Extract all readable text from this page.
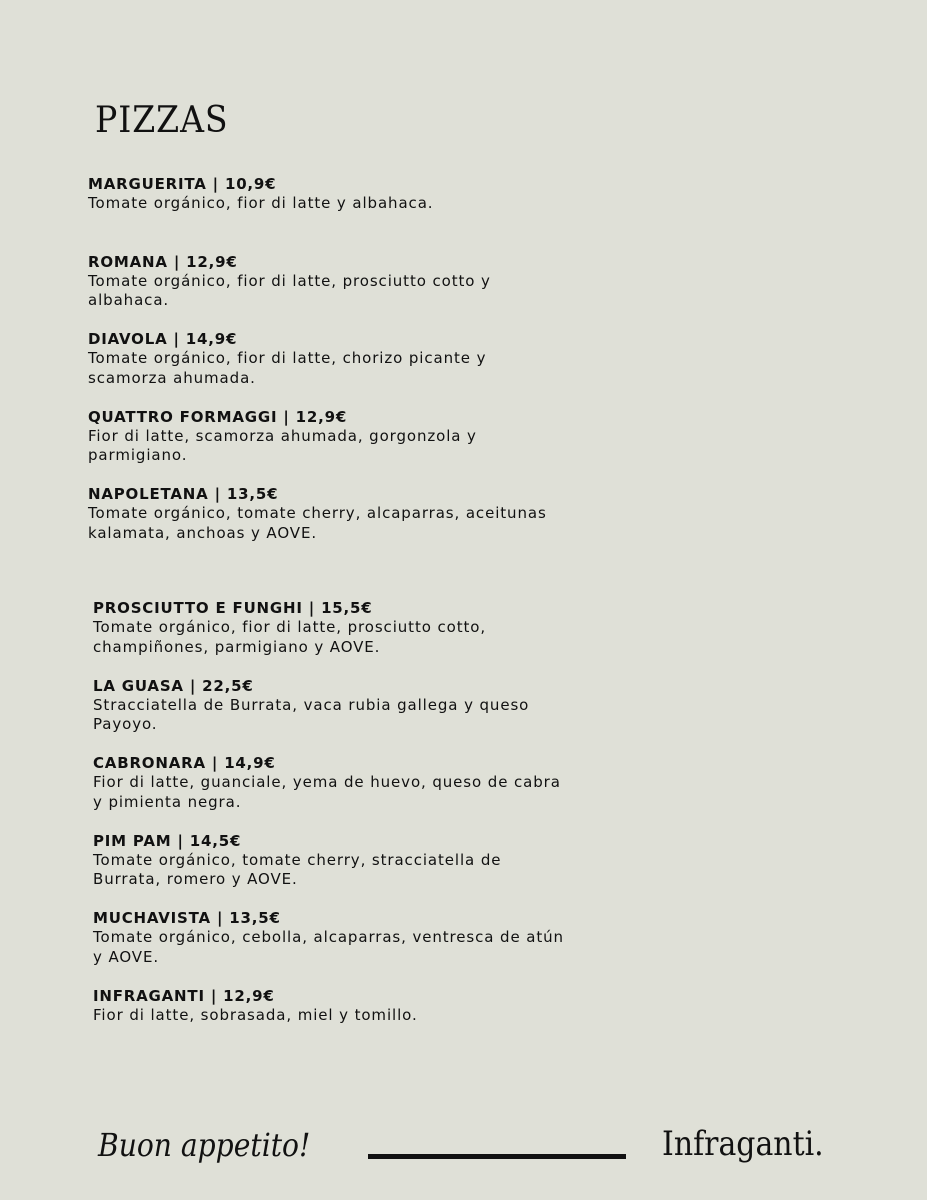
PIZZAS
MARGUERITA | 10,9€
Tomate orgánico, fior di latte y albahaca.
ROMANA | 12,9€
Tomate orgánico, fior di latte, prosciutto cotto y albahaca.
DIAVOLA | 14,9€
Tomate orgánico, fior di latte, chorizo picante y scamorza ahumada.
QUATTRO FORMAGGI | 12,9€
Fior di latte, scamorza ahumada, gorgonzola y parmigiano.
NAPOLETANA | 13,5€
Tomate orgánico, tomate cherry, alcaparras, aceitunas kalamata, anchoas y AOVE.
PROSCIUTTO E FUNGHI | 15,5€
Tomate orgánico, fior di latte, prosciutto cotto, champiñones, parmigiano y AOVE.
LA GUASA | 22,5€
Stracciatella de Burrata, vaca rubia gallega y queso Payoyo.
CABRONARA | 14,9€
Fior di latte, guanciale, yema de huevo, queso de cabra y pimienta negra.
PIM PAM | 14,5€
Tomate orgánico, tomate cherry, stracciatella de Burrata, romero y AOVE.
MUCHAVISTA | 13,5€
Tomate orgánico, cebolla, alcaparras, ventresca de atún y AOVE.
INFRAGANTI | 12,9€
Fior di latte, sobrasada, miel y tomillo.
Buon appetito!	Infraganti.
